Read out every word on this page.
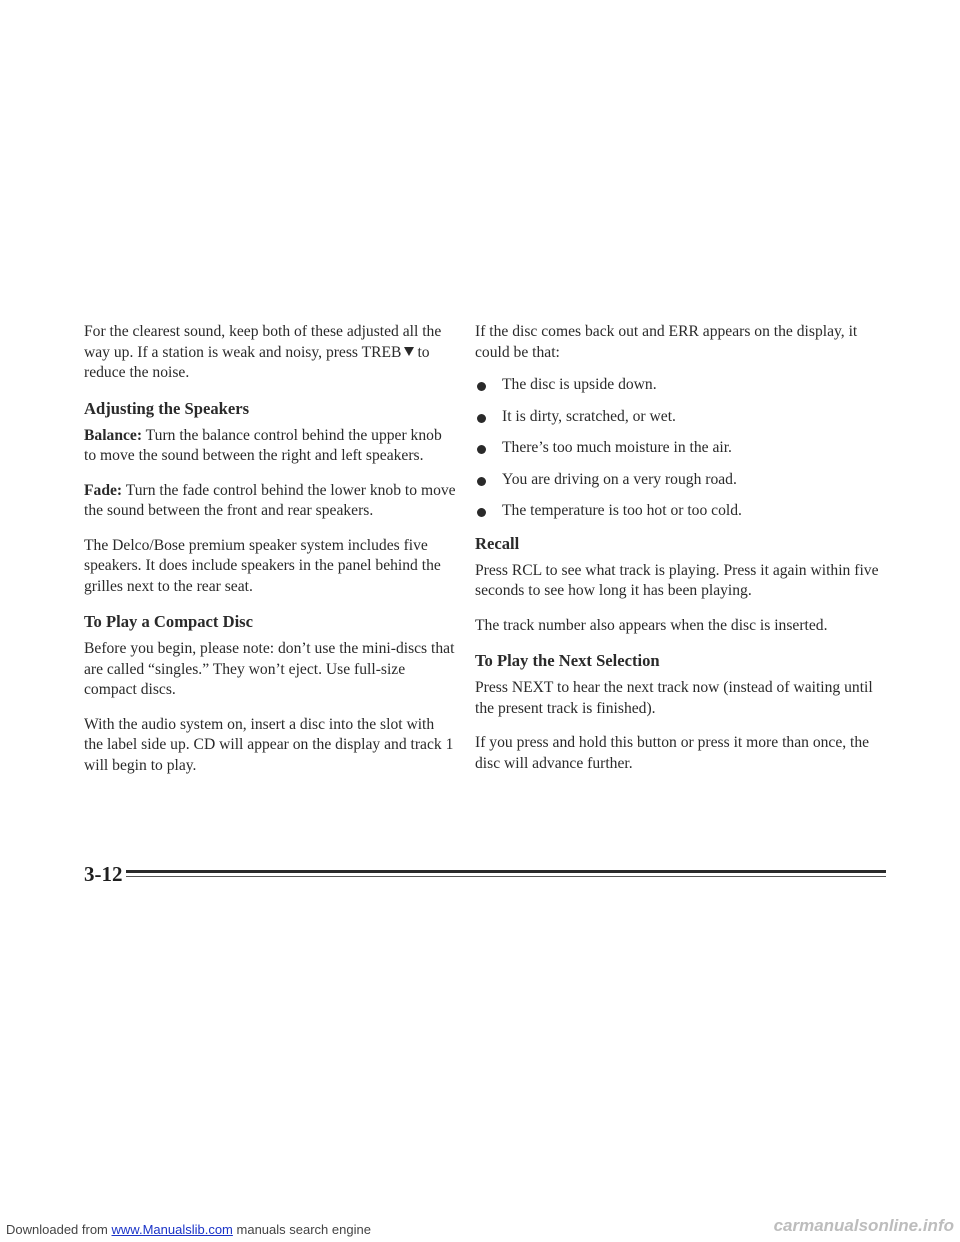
For the clearest sound, keep both of these adjusted all the way up. If a station is weak and noisy, press TREB to reduce the noise.

Adjusting the Speakers

Balance: Turn the balance control behind the upper knob to move the sound between the right and left speakers.

Fade: Turn the fade control behind the lower knob to move the sound between the front and rear speakers.

The Delco/Bose premium speaker system includes five speakers. It does include speakers in the panel behind the grilles next to the rear seat.

To Play a Compact Disc

Before you begin, please note: don’t use the mini-discs that are called “singles.” They won’t eject. Use full-size compact discs.

With the audio system on, insert a disc into the slot with the label side up. CD will appear on the display and track 1 will begin to play.

If the disc comes back out and ERR appears on the display, it could be that:

The disc is upside down.
It is dirty, scratched, or wet.
There’s too much moisture in the air.
You are driving on a very rough road.
The temperature is too hot or too cold.
Recall

Press RCL to see what track is playing. Press it again within five seconds to see how long it has been playing.

The track number also appears when the disc is inserted.

To Play the Next Selection

Press NEXT to hear the next track now (instead of waiting until the present track is finished).

If you press and hold this button or press it more than once, the disc will advance further.

3-12
Downloaded from www.Manualslib.com manuals search engine	carmanualsonline.info
